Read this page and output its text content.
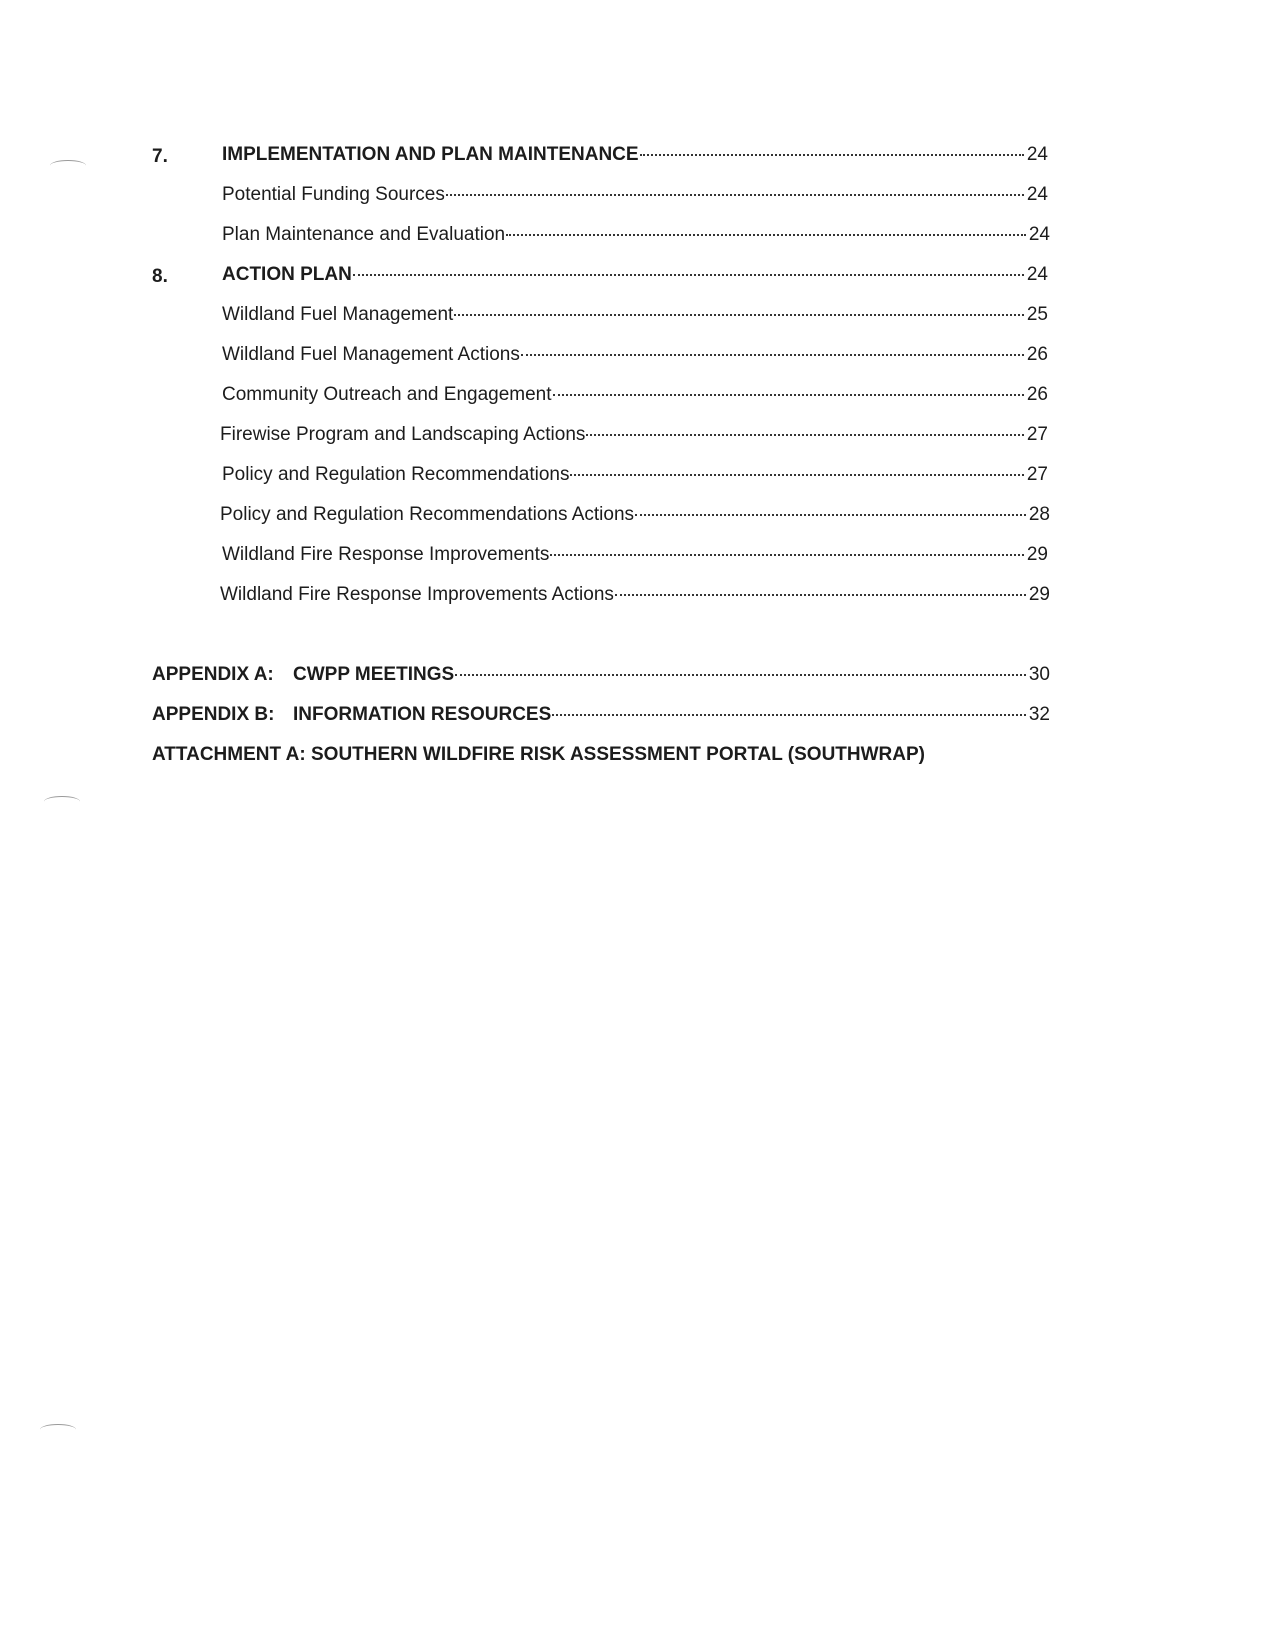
7.	IMPLEMENTATION AND PLAN MAINTENANCE	24
Potential Funding Sources	24
Plan Maintenance and Evaluation	24
8.	ACTION PLAN	24
Wildland Fuel Management	25
Wildland Fuel Management Actions	26
Community Outreach and Engagement	26
Firewise Program and Landscaping Actions	27
Policy and Regulation Recommendations	27
Policy and Regulation Recommendations Actions	28
Wildland Fire Response Improvements	29
Wildland Fire Response Improvements Actions	29
APPENDIX A: CWPP MEETINGS	30
APPENDIX B: INFORMATION RESOURCES	32
ATTACHMENT A: SOUTHERN WILDFIRE RISK ASSESSMENT PORTAL (SOUTHWRAP)
